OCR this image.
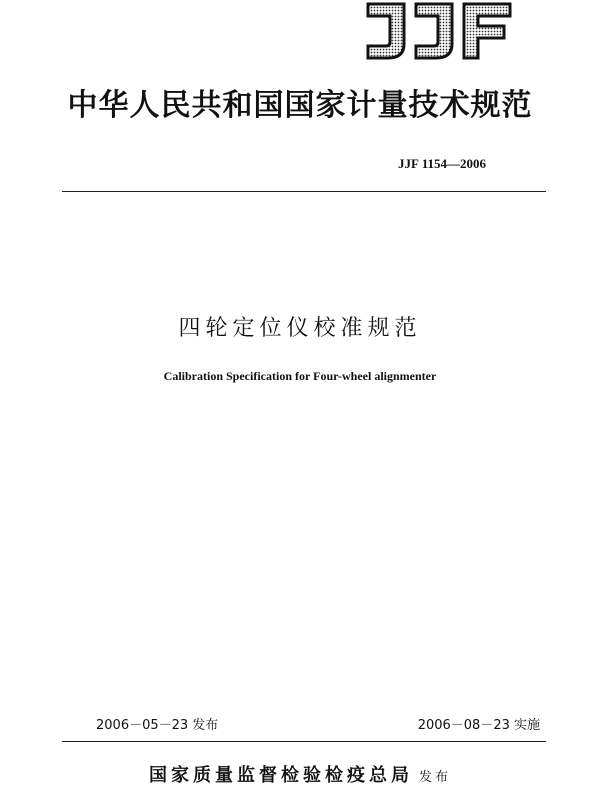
中华人民共和国国家计量技术规范
JJF 1154—2006
四轮定位仪校准规范
Calibration Specification for Four-wheel alignmenter
2006－05－23 发布	2006－08－23 实施
国家质量监督检验检疫总局 发布
